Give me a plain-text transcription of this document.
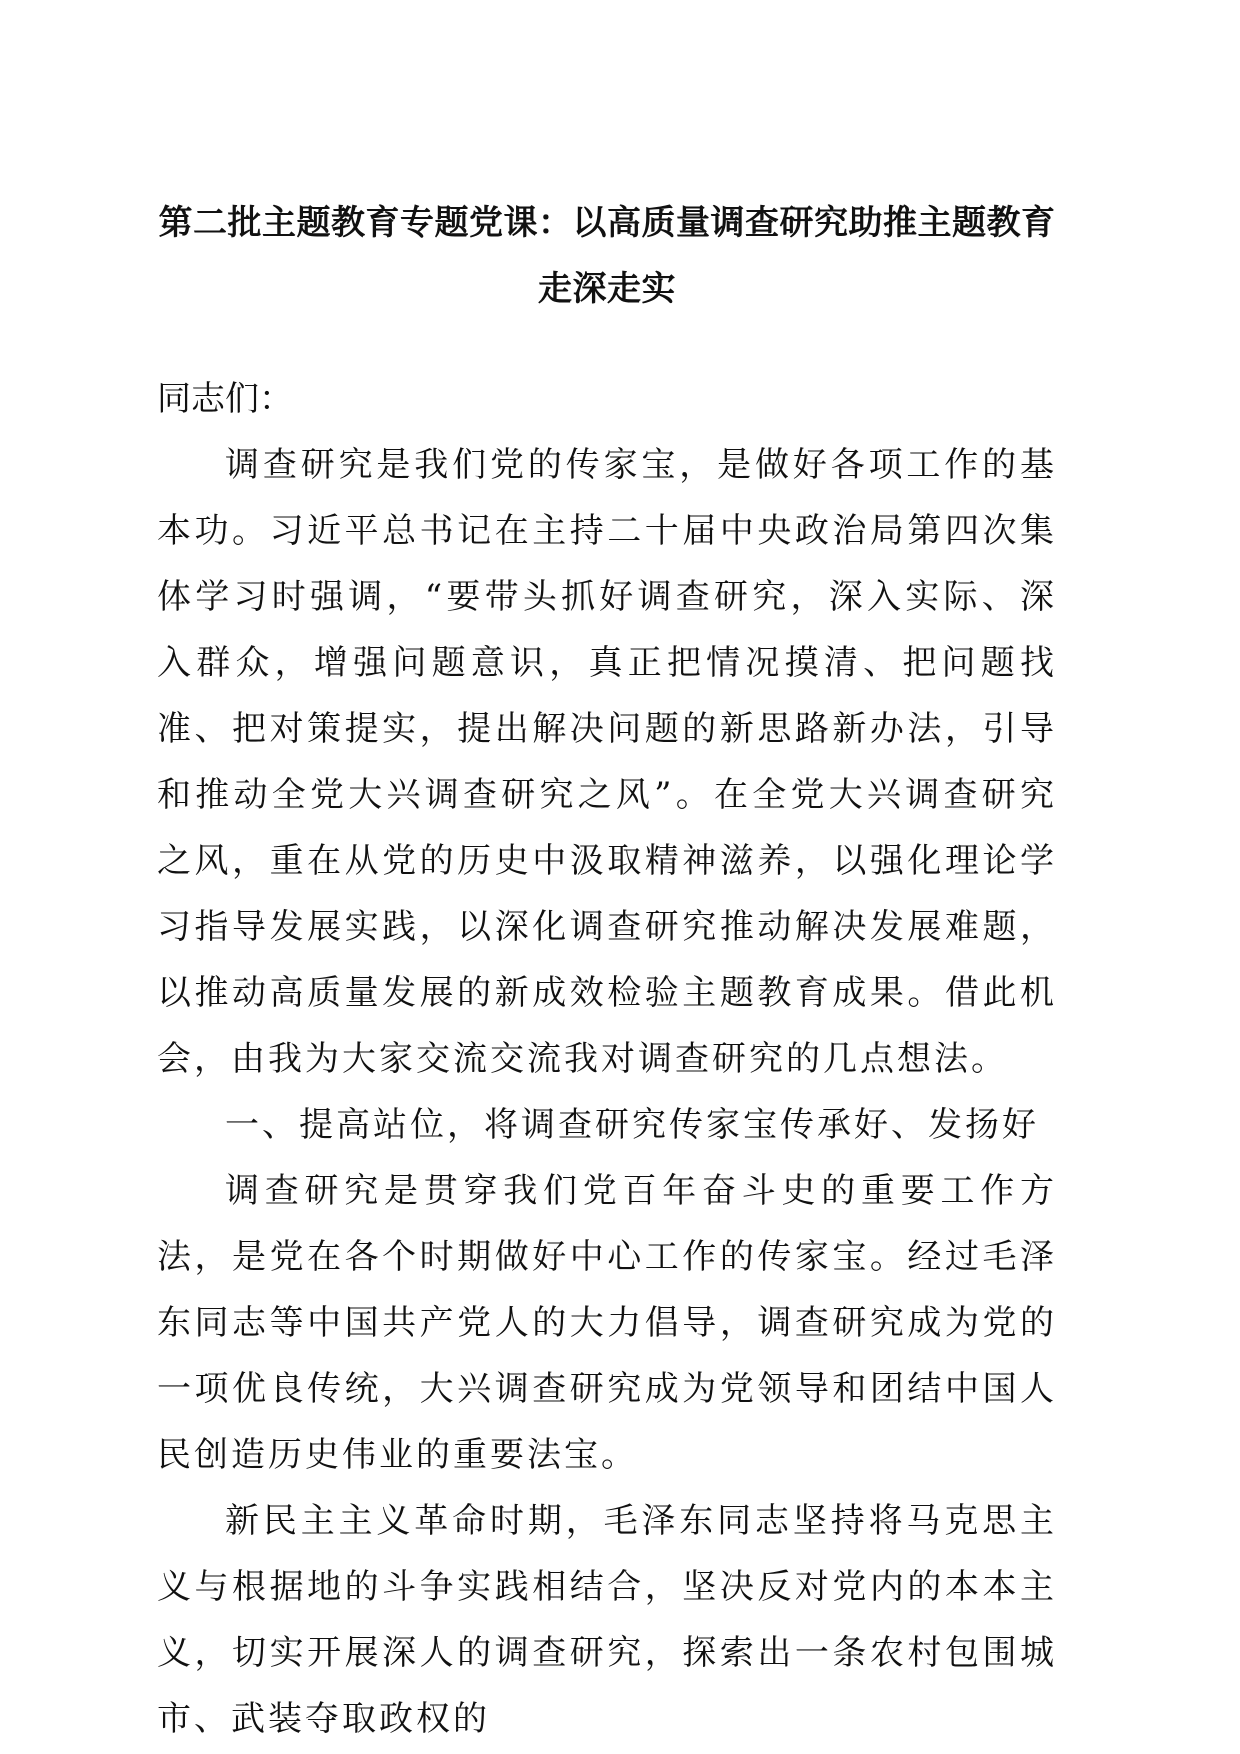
第二批主题教育专题党课：以高质量调查研究助推主题教育走深走实

同志们：

调查研究是我们党的传家宝，是做好各项工作的基本功。习近平总书记在主持二十届中央政治局第四次集体学习时强调，“要带头抓好调查研究，深入实际、深入群众，增强问题意识，真正把情况摸清、把问题找准、把对策提实，提出解决问题的新思路新办法，引导和推动全党大兴调查研究之风”。在全党大兴调查研究之风，重在从党的历史中汲取精神滋养，以强化理论学习指导发展实践，以深化调查研究推动解决发展难题，以推动高质量发展的新成效检验主题教育成果。借此机会，由我为大家交流交流我对调查研究的几点想法。

一、提高站位，将调查研究传家宝传承好、发扬好

调查研究是贯穿我们党百年奋斗史的重要工作方法，是党在各个时期做好中心工作的传家宝。经过毛泽东同志等中国共产党人的大力倡导，调查研究成为党的一项优良传统，大兴调查研究成为党领导和团结中国人民创造历史伟业的重要法宝。

新民主主义革命时期，毛泽东同志坚持将马克思主义与根据地的斗争实践相结合，坚决反对党内的本本主义，切实开展深人的调查研究，探索出一条农村包围城市、武装夺取政权的
